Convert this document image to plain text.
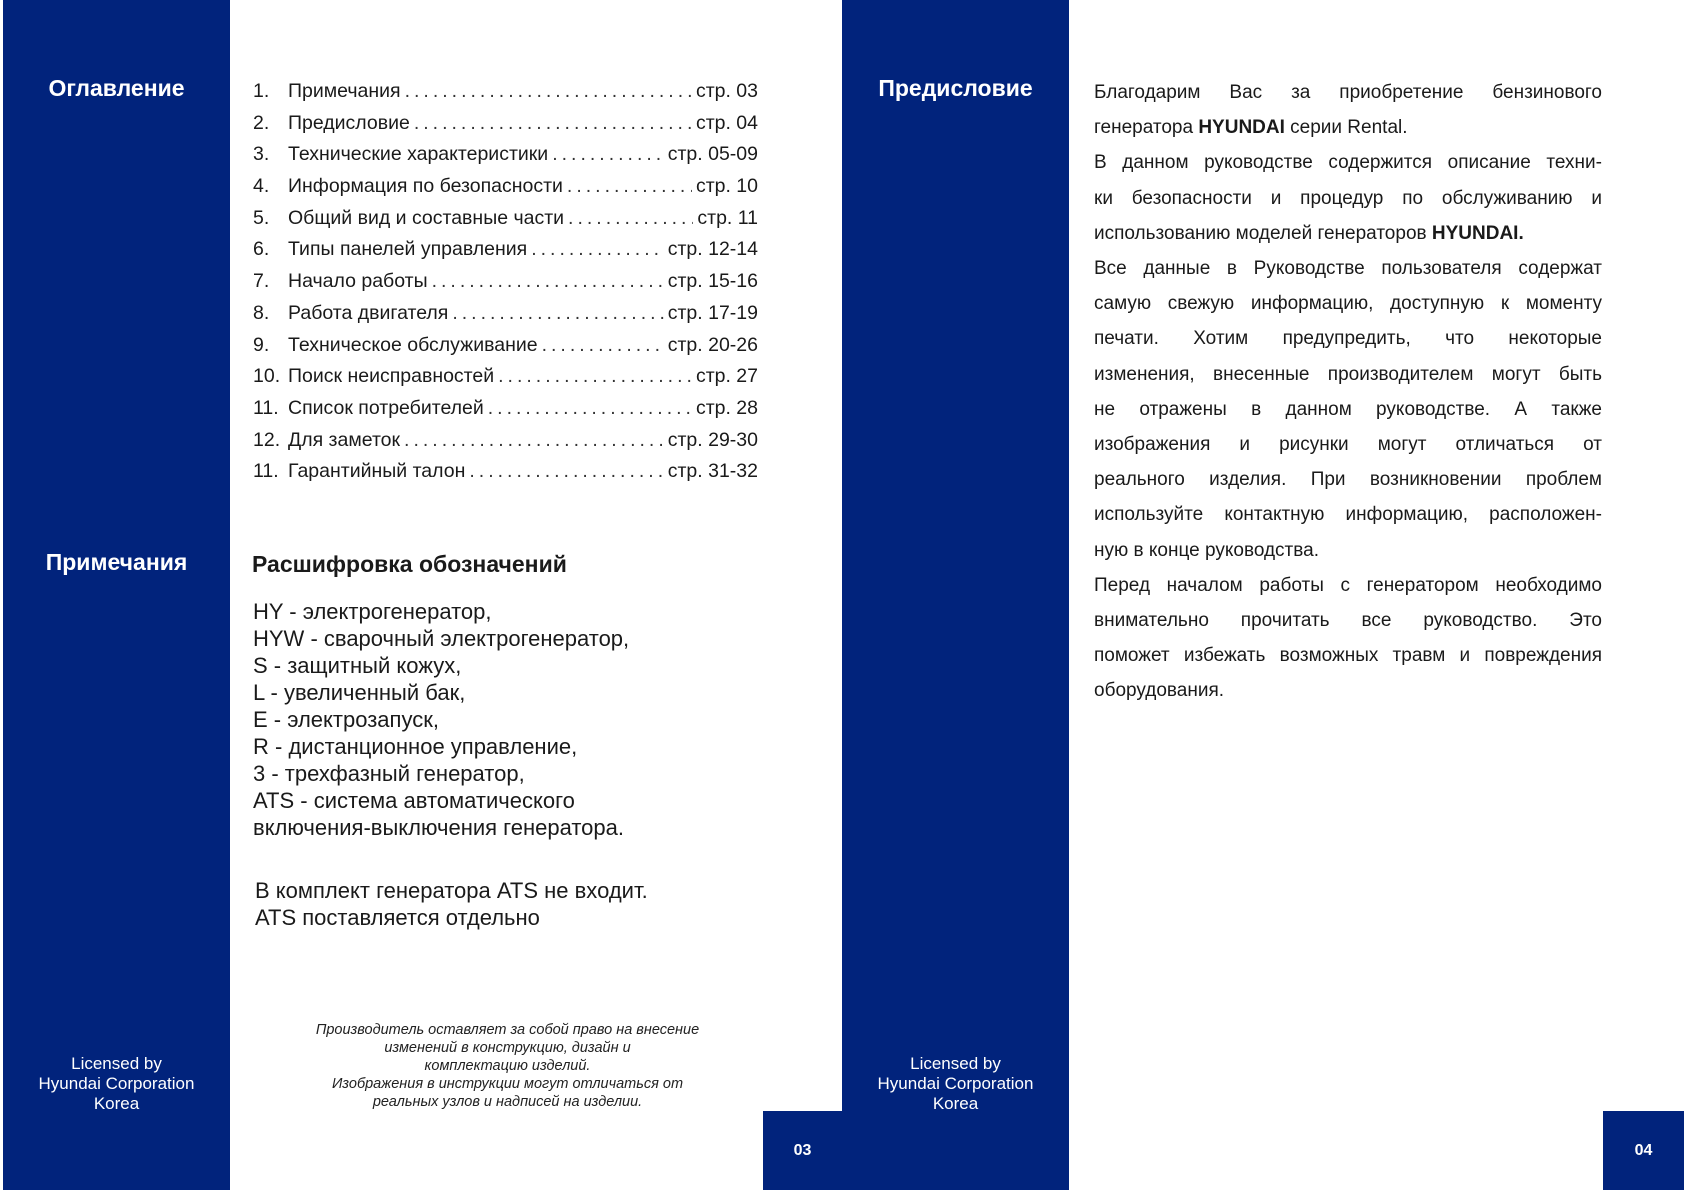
Оглавление
Примечания
Licensed by
Hyundai Corporation
Korea
1. Примечания .....	стр. 03
2. Предисловие .....	стр. 04
3. Технические характеристики .....	стр. 05-09
4. Информация по безопасности .....	стр. 10
5. Общий вид и составные части .....	стр. 11
6. Типы панелей управления .....	стр. 12-14
7. Начало работы .....	стр. 15-16
8. Работа двигателя .....	стр. 17-19
9. Техническое обслуживание .....	стр. 20-26
10. Поиск неисправностей .....	стр. 27
11. Список потребителей .....	стр. 28
12. Для заметок .....	стр. 29-30
11. Гарантийный талон .....	стр. 31-32
Расшифровка обозначений
HY - электрогенератор,
HYW - сварочный электрогенератор,
S - защитный кожух,
L - увеличенный бак,
E - электрозапуск,
R - дистанционное управление,
3 - трехфазный генератор,
ATS - система автоматического
включения-выключения генератора.
В комплект генератора ATS не входит.
ATS поставляется отдельно
Производитель оставляет за собой право на внесение
изменений в конструкцию, дизайн и
комплектацию изделий.
Изображения в инструкции могут отличаться от
реальных узлов и надписей на изделии.
03
Предисловие
Licensed by
Hyundai Corporation
Korea
Благодарим Вас за приобретение бензинового
генератора HYUNDAI серии Rental.
В данном руководстве содержится описание техни-
ки безопасности и процедур по обслуживанию и
использованию моделей генераторов HYUNDAI.
Все данные в Руководстве пользователя содержат
самую свежую информацию, доступную к моменту
печати. Хотим предупредить, что некоторые
изменения, внесенные производителем могут быть
не отражены в данном руководстве. А также
изображения и рисунки могут отличаться от
реального изделия. При возникновении проблем
используйте контактную информацию, расположен-
ную в конце руководства.
Перед началом работы с генератором необходимо
внимательно прочитать все руководство. Это
поможет избежать возможных травм и повреждения
оборудования.
04
